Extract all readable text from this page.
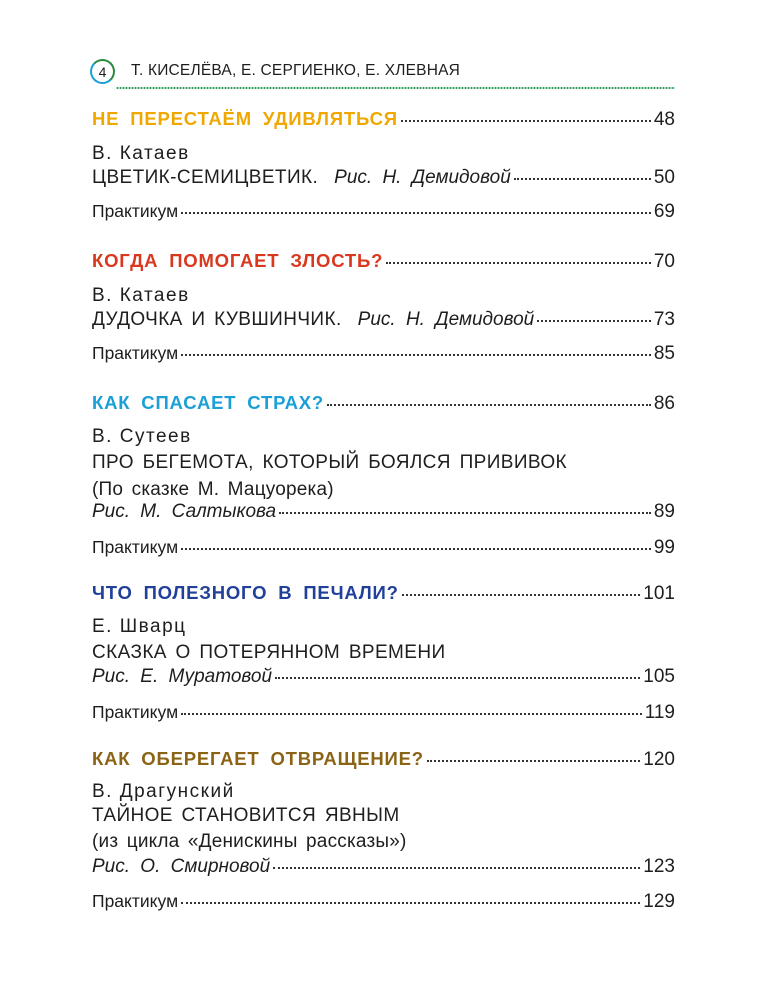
4 Т. КИСЕЛЁВА, Е. СЕРГИЕНКО, Е. ХЛЕВНАЯ
НЕ ПЕРЕСТАЁМ УДИВЛЯТЬСЯ	48
В. Катаев
ЦВЕТИК-СЕМИЦВЕТИК. Рис. Н. Демидовой	50
Практикум	69
КОГДА ПОМОГАЕТ ЗЛОСТЬ?	70
В. Катаев
ДУДОЧКА И КУВШИНЧИК. Рис. Н. Демидовой	73
Практикум	85
КАК СПАСАЕТ СТРАХ?	86
В. Сутеев
ПРО БЕГЕМОТА, КОТОРЫЙ БОЯЛСЯ ПРИВИВОК
(По сказке М. Мацуорека)
Рис. М. Салтыкова	89
Практикум	99
ЧТО ПОЛЕЗНОГО В ПЕЧАЛИ?	101
Е. Шварц
СКАЗКА О ПОТЕРЯННОМ ВРЕМЕНИ
Рис. Е. Муратовой	105
Практикум	119
КАК ОБЕРЕГАЕТ ОТВРАЩЕНИЕ?	120
В. Драгунский
ТАЙНОЕ СТАНОВИТСЯ ЯВНЫМ
(из цикла «Денискины рассказы»)
Рис. О. Смирновой	123
Практикум	129
